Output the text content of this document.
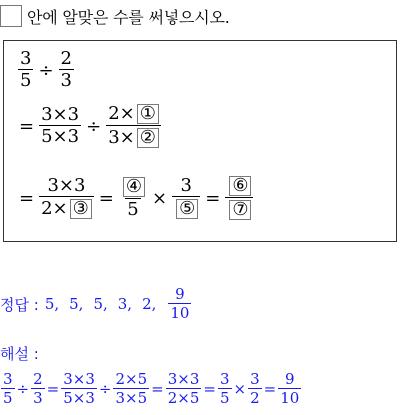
안에 알맞은 수를 써넣으시오.
$\frac{3}{5} \div \frac{2}{3}$
= $\frac{3\times 3}{5\times 3} \div \frac{\text{2× ①}}{\text{3× ②}}$
= $\frac{3\times 3}{\text{2× ③}} = \frac{\text{④}}{5} \times \frac{3}{\text{⑤}} = \frac{\text{⑥}}{\text{⑦}}$
정답 : 5, 5, 5, 3, 2, $\frac{9}{10}$
해설 :
$\frac{3}{5} \div \frac{2}{3} = \frac{3\times 3}{5\times 3} \div \frac{2\times 5}{3\times 5} = \frac{3\times 3}{2\times 5} = \frac{3}{5} \times \frac{3}{2} = \frac{9}{10}$
